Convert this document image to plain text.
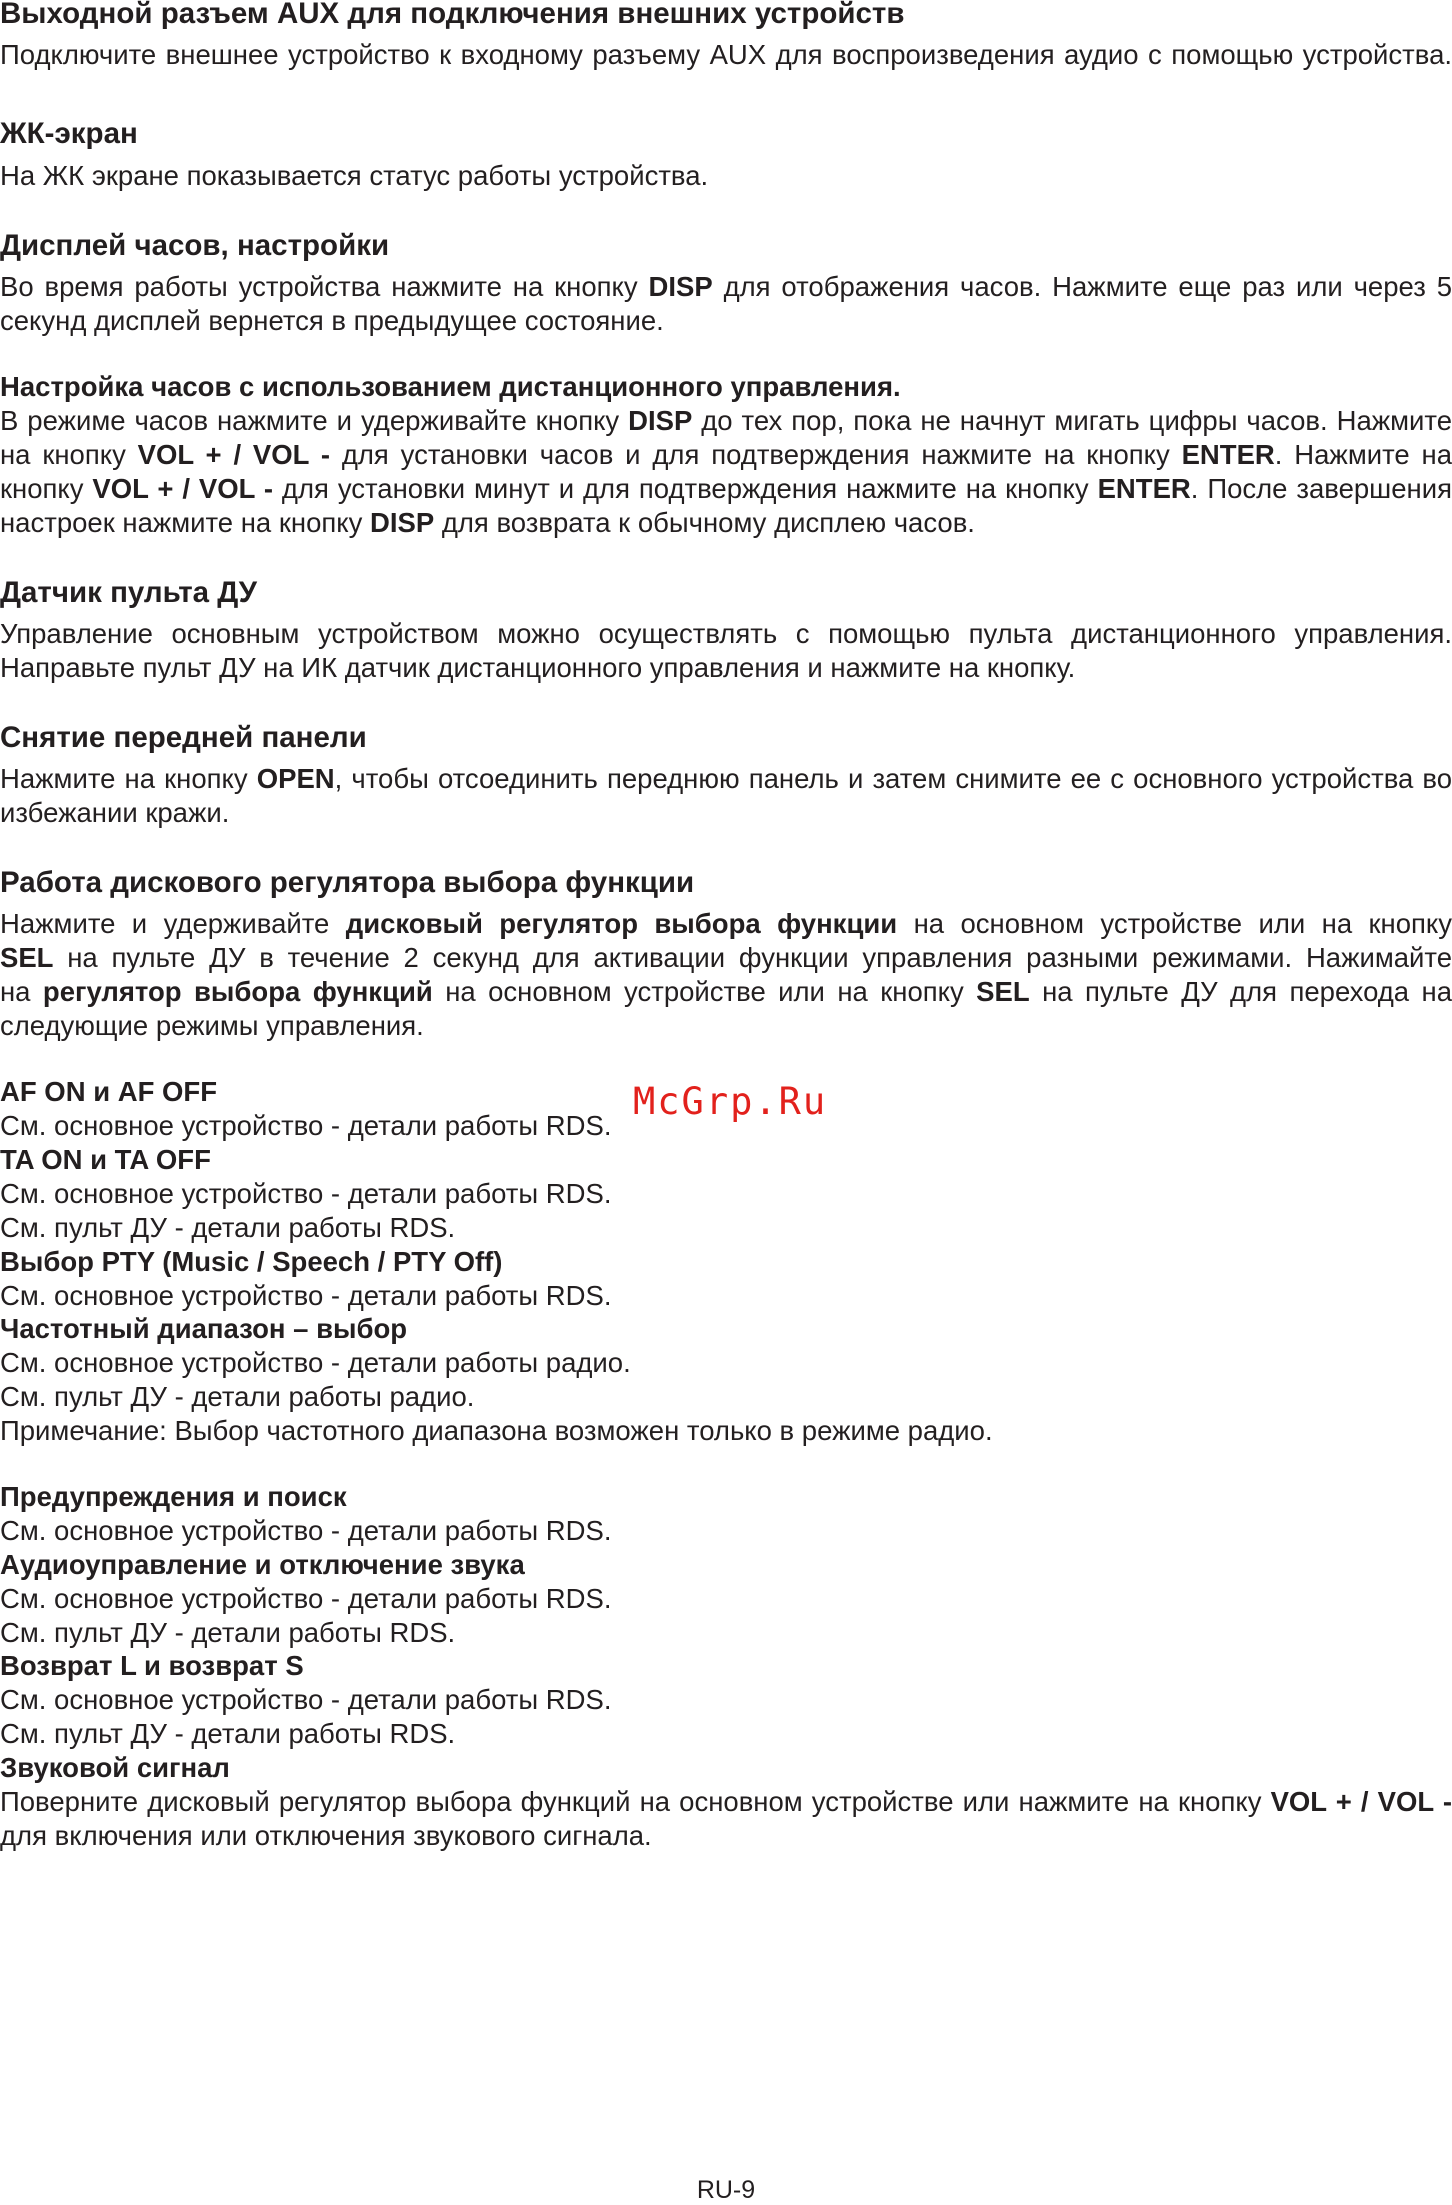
Выходной разъем AUX для подключения внешних устройств
Подключите внешнее устройство к входному разъему AUX для воспроизведения аудио с помощью устройства.
ЖК-экран
На ЖК экране показывается статус работы устройства.
Дисплей часов, настройки
Во время работы устройства нажмите на кнопку DISP для отображения часов. Нажмите еще раз или через 5
секунд дисплей вернется в предыдущее состояние.
Настройка часов с использованием дистанционного управления.
В режиме часов нажмите и удерживайте кнопку DISP до тех пор, пока не начнут мигать цифры часов. Нажмите
на кнопку VOL + / VOL - для установки часов и для подтверждения нажмите на кнопку ENTER. Нажмите на
кнопку VOL + / VOL - для установки минут и для подтверждения нажмите на кнопку ENTER. После завершения
настроек нажмите на кнопку DISP для возврата к обычному дисплею часов.
Датчик пульта ДУ
Управление основным устройством можно осуществлять с помощью пульта дистанционного управления.
Направьте пульт ДУ на ИК датчик дистанционного управления и нажмите на кнопку.
Снятие передней панели
Нажмите на кнопку OPEN, чтобы отсоединить переднюю панель и затем снимите ее с основного устройства во
избежании кражи.
Работа дискового регулятора выбора функции
Нажмите и удерживайте дисковый регулятор выбора функции на основном устройстве или на кнопку
SEL на пульте ДУ в течение 2 секунд для активации функции управления разными режимами. Нажимайте
на регулятор выбора функций на основном устройстве или на кнопку SEL на пульте ДУ для перехода на
следующие режимы управления.
AF ON и AF OFF
См. основное устройство - детали работы RDS.
TA ON и TA OFF
См. основное устройство - детали работы RDS.
См. пульт ДУ - детали работы RDS.
Выбор PTY (Music / Speech / PTY Off)
См. основное устройство - детали работы RDS.
Частотный диапазон – выбор
См. основное устройство - детали работы радио.
См. пульт ДУ - детали работы радио.
Примечание: Выбор частотного диапазона возможен только в режиме радио.
Предупреждения и поиск
См. основное устройство - детали работы RDS.
Аудиоуправление и отключение звука
См. основное устройство - детали работы RDS.
См. пульт ДУ - детали работы RDS.
Возврат L и возврат S
См. основное устройство - детали работы RDS.
См. пульт ДУ - детали работы RDS.
Звуковой сигнал
Поверните дисковый регулятор выбора функций на основном устройстве или нажмите на кнопку VOL + / VOL -
для включения или отключения звукового сигнала.
McGrp.Ru
RU-9
